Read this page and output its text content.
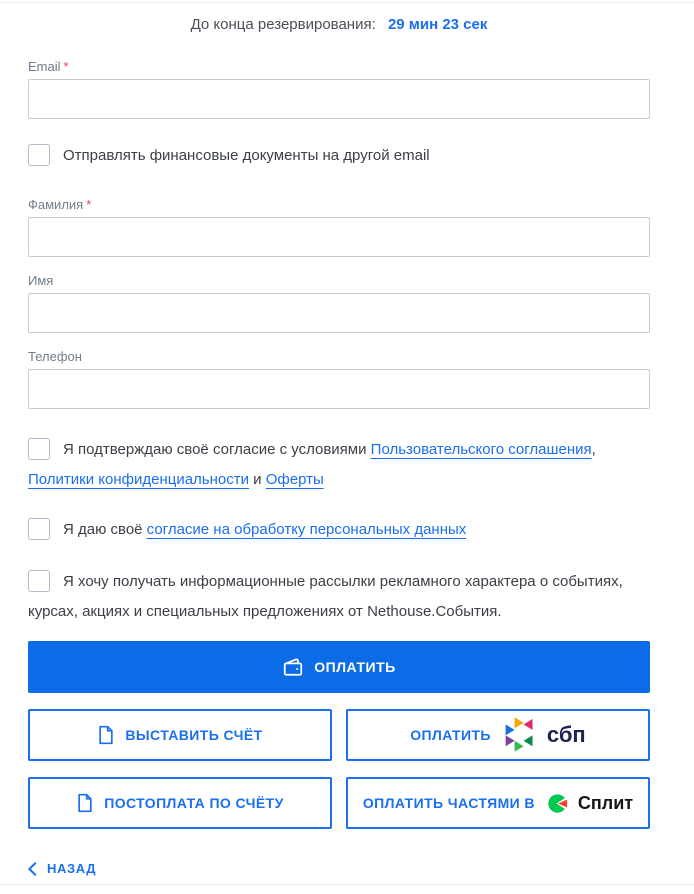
До конца резервирования: 29 мин 23 сек
Email *
Отправлять финансовые документы на другой email
Фамилия *
Имя
Телефон
Я подтверждаю своё согласие с условиями Пользовательского соглашения, Политики конфиденциальности и Оферты
Я даю своё согласие на обработку персональных данных
Я хочу получать информационные рассылки рекламного характера о событиях, курсах, акциях и специальных предложениях от Nethouse.События.
ОПЛАТИТЬ
ВЫСТАВИТЬ СЧЁТ	ОПЛАТИТЬ	сбп
ПОСТОПЛАТА ПО СЧЁТУ	ОПЛАТИТЬ ЧАСТЯМИ В Сплит
НАЗАД
